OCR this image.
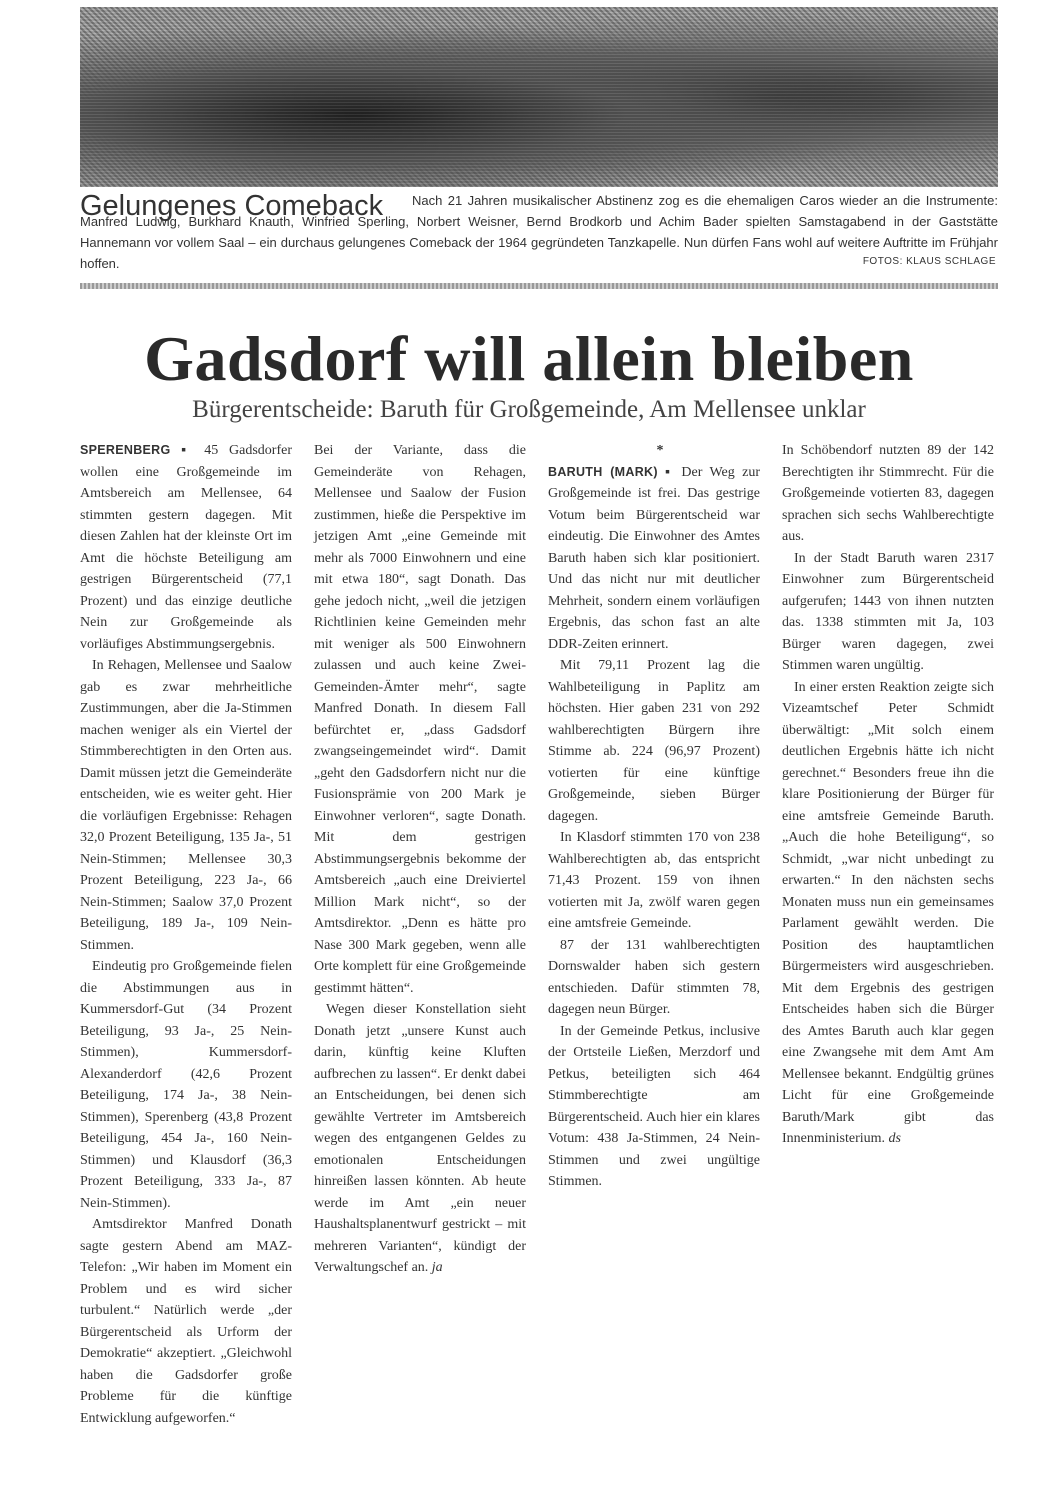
Nach 21 Jahren musikalischer Abstinenz zog es die ehemaligen Caros wieder an die Instrumente: Manfred Ludwig, Burkhard Knauth, Winfried Sperling, Norbert Weisner, Bernd Brodkorb und Achim Bader spielten Samstagabend in der Gaststätte Hannemann vor vollem Saal – ein durchaus gelungenes Comeback der 1964 gegründeten Tanzkapelle. Nun dürfen Fans wohl auf weitere Auftritte im Frühjahr hoffen.
Gelungenes Comeback
FOTOS: KLAUS SCHLAGE
Gadsdorf will allein bleiben
Bürgerentscheide: Baruth für Großgemeinde, Am Mellensee unklar

SPERENBERG ▪ 45 Gadsdorfer wollen eine Großgemeinde im Amtsbereich am Mellensee, 64 stimmten gestern dagegen. Mit diesen Zahlen hat der kleinste Ort im Amt die höchste Beteiligung am gestrigen Bürgerentscheid (77,1 Prozent) und das einzige deutliche Nein zur Großgemeinde als vorläufiges Abstimmungsergebnis.

In Rehagen, Mellensee und Saalow gab es zwar mehrheitliche Zustimmungen, aber die Ja-Stimmen machen weniger als ein Viertel der Stimmberechtigten in den Orten aus. Damit müssen jetzt die Gemeinderäte entscheiden, wie es weiter geht. Hier die vorläufigen Ergebnisse: Rehagen 32,0 Prozent Beteiligung, 135 Ja-, 51 Nein-Stimmen; Mellensee 30,3 Prozent Beteiligung, 223 Ja-, 66 Nein-Stimmen; Saalow 37,0 Prozent Beteiligung, 189 Ja-, 109 Nein-Stimmen.

Eindeutig pro Großgemeinde fielen die Abstimmungen aus in Kummersdorf-Gut (34 Prozent Beteiligung, 93 Ja-, 25 Nein-Stimmen), Kummersdorf-Alexanderdorf (42,6 Prozent Beteiligung, 174 Ja-, 38 Nein-Stimmen), Sperenberg (43,8 Prozent Beteiligung, 454 Ja-, 160 Nein-Stimmen) und Klausdorf (36,3 Prozent Beteiligung, 333 Ja-, 87 Nein-Stimmen).

Amtsdirektor Manfred Donath sagte gestern Abend am MAZ-Telefon: „Wir haben im Moment ein Problem und es wird sicher turbulent.“ Natürlich werde „der Bürgerentscheid als Urform der Demokratie“ akzeptiert. „Gleichwohl haben die Gadsdorfer große Probleme für die künftige Entwicklung aufgeworfen.“

Bei der Variante, dass die Gemeinderäte von Rehagen, Mellensee und Saalow der Fusion zustimmen, hieße die Perspektive im jetzigen Amt „eine Gemeinde mit mehr als 7000 Einwohnern und eine mit etwa 180“, sagt Donath. Das gehe jedoch nicht, „weil die jetzigen Richtlinien keine Gemeinden mehr mit weniger als 500 Einwohnern zulassen und auch keine Zwei-Gemeinden-Ämter mehr“, sagte Manfred Donath. In diesem Fall befürchtet er, „dass Gadsdorf zwangseingemeindet wird“. Damit „geht den Gadsdorfern nicht nur die Fusionsprämie von 200 Mark je Einwohner verloren“, sagte Donath. Mit dem gestrigen Abstimmungsergebnis bekomme der Amtsbereich „auch eine Dreiviertel Million Mark nicht“, so der Amtsdirektor. „Denn es hätte pro Nase 300 Mark gegeben, wenn alle Orte komplett für eine Großgemeinde gestimmt hätten“.

Wegen dieser Konstellation sieht Donath jetzt „unsere Kunst auch darin, künftig keine Kluften aufbrechen zu lassen“. Er denkt dabei an Entscheidungen, bei denen sich gewählte Vertreter im Amtsbereich wegen des entgangenen Geldes zu emotionalen Entscheidungen hinreißen lassen könnten. Ab heute werde im Amt „ein neuer Haushaltsplanentwurf gestrickt – mit mehreren Varianten“, kündigt der Verwaltungschef an. ja

*

BARUTH (MARK) ▪ Der Weg zur Großgemeinde ist frei. Das gestrige Votum beim Bürgerentscheid war eindeutig. Die Einwohner des Amtes Baruth haben sich klar positioniert. Und das nicht nur mit deutlicher Mehrheit, sondern einem vorläufigen Ergebnis, das schon fast an alte DDR-Zeiten erinnert.

Mit 79,11 Prozent lag die Wahlbeteiligung in Paplitz am höchsten. Hier gaben 231 von 292 wahlberechtigten Bürgern ihre Stimme ab. 224 (96,97 Prozent) votierten für eine künftige Großgemeinde, sieben Bürger dagegen.

In Klasdorf stimmten 170 von 238 Wahlberechtigten ab, das entspricht 71,43 Prozent. 159 von ihnen votierten mit Ja, zwölf waren gegen eine amtsfreie Gemeinde.

87 der 131 wahlberechtigten Dornswalder haben sich gestern entschieden. Dafür stimmten 78, dagegen neun Bürger.

In der Gemeinde Petkus, inclusive der Ortsteile Ließen, Merzdorf und Petkus, beteiligten sich 464 Stimmberechtigte am Bürgerentscheid. Auch hier ein klares Votum: 438 Ja-Stimmen, 24 Nein-Stimmen und zwei ungültige Stimmen.

In Schöbendorf nutzten 89 der 142 Berechtigten ihr Stimmrecht. Für die Großgemeinde votierten 83, dagegen sprachen sich sechs Wahlberechtigte aus.

In der Stadt Baruth waren 2317 Einwohner zum Bürgerentscheid aufgerufen; 1443 von ihnen nutzten das. 1338 stimmten mit Ja, 103 Bürger waren dagegen, zwei Stimmen waren ungültig.

In einer ersten Reaktion zeigte sich Vizeamtschef Peter Schmidt überwältigt: „Mit solch einem deutlichen Ergebnis hätte ich nicht gerechnet.“ Besonders freue ihn die klare Positionierung der Bürger für eine amtsfreie Gemeinde Baruth. „Auch die hohe Beteiligung“, so Schmidt, „war nicht unbedingt zu erwarten.“ In den nächsten sechs Monaten muss nun ein gemeinsames Parlament gewählt werden. Die Position des hauptamtlichen Bürgermeisters wird ausgeschrieben. Mit dem Ergebnis des gestrigen Entscheides haben sich die Bürger des Amtes Baruth auch klar gegen eine Zwangsehe mit dem Amt Am Mellensee bekannt. Endgültig grünes Licht für eine Großgemeinde Baruth/Mark gibt das Innenministerium. ds
